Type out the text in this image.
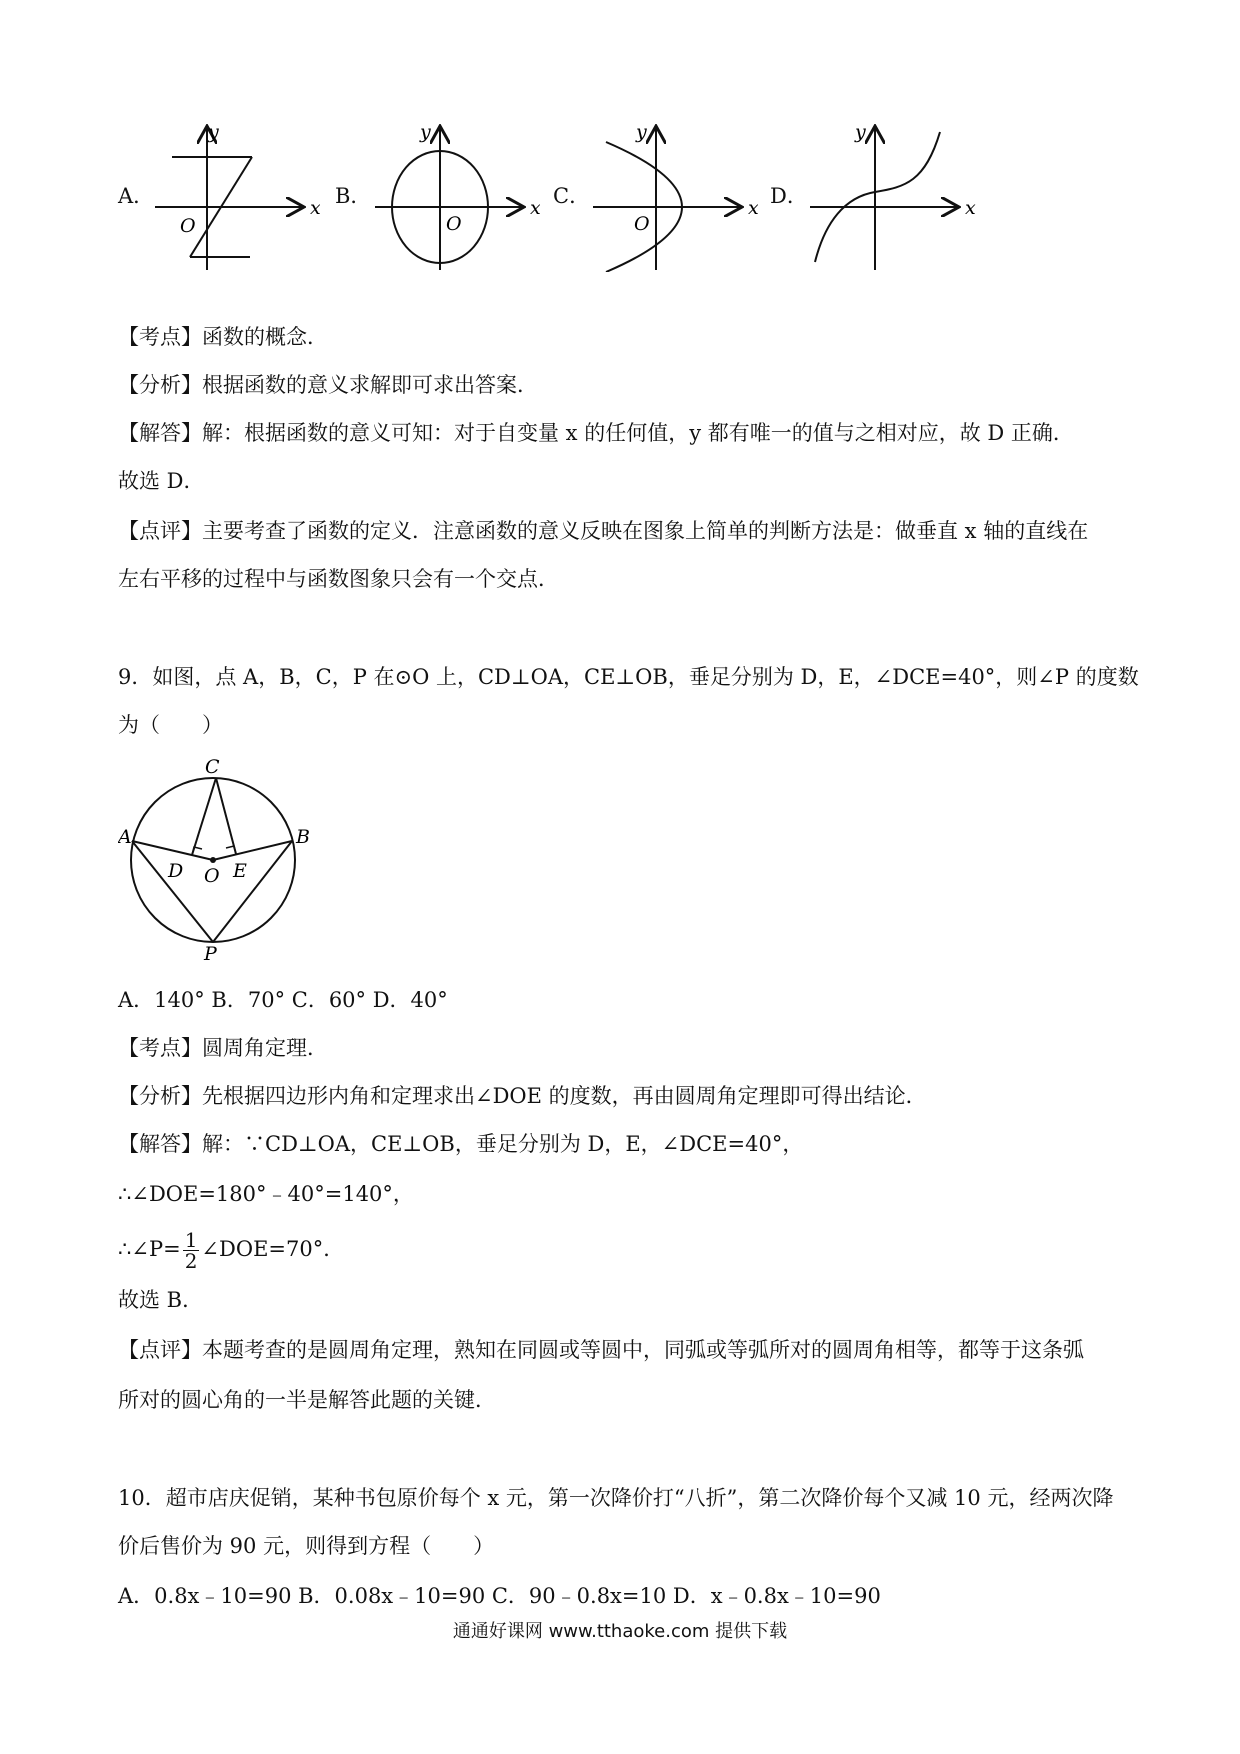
A．
y
x
O
B．
y
x
O
C．
y
x
O
D．
y
x
【考点】函数的概念．
【分析】根据函数的意义求解即可求出答案．
【解答】解：根据函数的意义可知：对于自变量 x 的任何值，y 都有唯一的值与之相对应，故 D 正确．
故选 D．
【点评】主要考查了函数的定义．注意函数的意义反映在图象上简单的判断方法是：做垂直 x 轴的直线在
左右平移的过程中与函数图象只会有一个交点．
9．如图，点 A，B，C，P 在⊙O 上，CD⊥OA，CE⊥OB，垂足分别为 D，E，∠DCE=40°，则∠P 的度数
为（　　）
C
A	B
D	E
O
P
A．140° B．70° C．60° D．40°
【考点】圆周角定理．
【分析】先根据四边形内角和定理求出∠DOE 的度数，再由圆周角定理即可得出结论．
【解答】解：∵CD⊥OA，CE⊥OB，垂足分别为 D，E，∠DCE=40°，
∴∠DOE=180°﹣40°=140°，
∴∠P= $\frac{1}{2}$ ∠DOE=70°．
故选 B．
【点评】本题考查的是圆周角定理，熟知在同圆或等圆中，同弧或等弧所对的圆周角相等，都等于这条弧
所对的圆心角的一半是解答此题的关键．
10．超市店庆促销，某种书包原价每个 x 元，第一次降价打“八折”，第二次降价每个又减 10 元，经两次降
价后售价为 90 元，则得到方程（　　）
A．0.8x﹣10=90 B．0.08x﹣10=90 C．90﹣0.8x=10 D．x﹣0.8x﹣10=90
通通好课网 www.tthaoke.com 提供下载
